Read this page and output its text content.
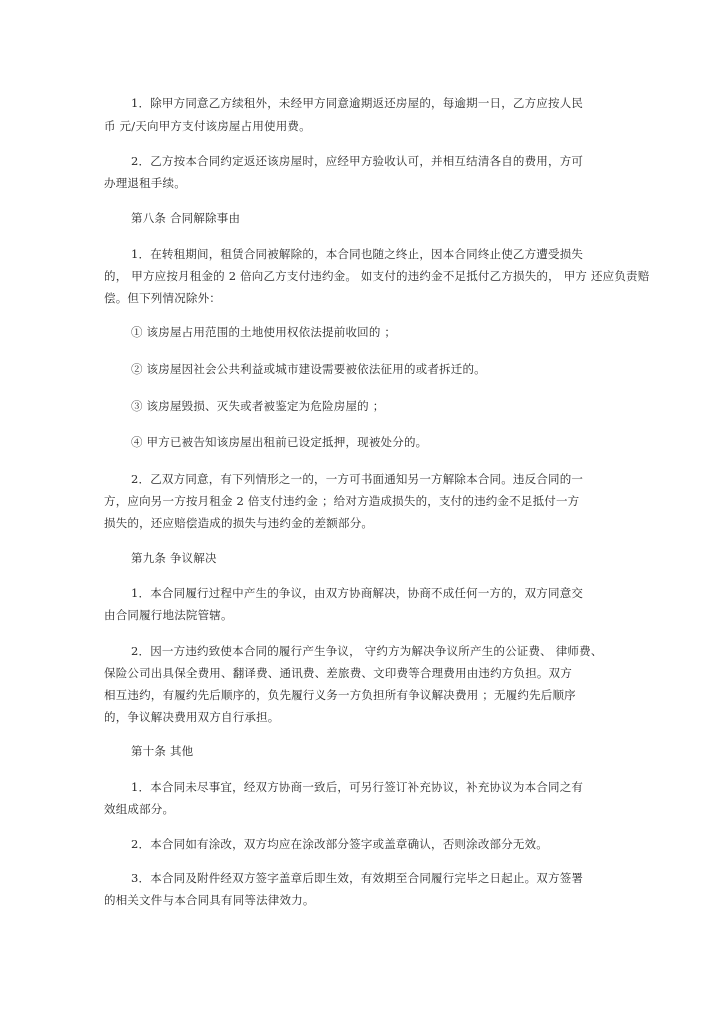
1．除甲方同意乙方续租外，未经甲方同意逾期返还房屋的，每逾期一日，乙方应按人民
币 元/天向甲方支付该房屋占用使用费。
2．乙方按本合同约定返还该房屋时，应经甲方验收认可，并相互结清各自的费用，方可
办理退租手续。
第八条 合同解除事由
1．在转租期间，租赁合同被解除的，本合同也随之终止，因本合同终止使乙方遭受损失
的， 甲方应按月租金的 2 倍向乙方支付违约金。 如支付的违约金不足抵付乙方损失的， 甲方 还应负责赔
偿。但下列情况除外：
① 该房屋占用范围的土地使用权依法提前收回的 ；
② 该房屋因社会公共利益或城市建设需要被依法征用的或者拆迁的。
③ 该房屋毁损、灭失或者被鉴定为危险房屋的 ；
④ 甲方已被告知该房屋出租前已设定抵押，现被处分的。
2．乙双方同意，有下列情形之一的，一方可书面通知另一方解除本合同。违反合同的一
方，应向另一方按月租金 2 倍支付违约金 ；给对方造成损失的，支付的违约金不足抵付一方
损失的，还应赔偿造成的损失与违约金的差额部分。
第九条 争议解决
1．本合同履行过程中产生的争议，由双方协商解决，协商不成任何一方的，双方同意交
由合同履行地法院管辖。
2．因一方违约致使本合同的履行产生争议， 守约方为解决争议所产生的公证费、 律师费、
保险公司出具保全费用、翻译费、通讯费、差旅费、文印费等合理费用由违约方负担。双方
相互违约，有履约先后顺序的，负先履行义务一方负担所有争议解决费用 ；无履约先后顺序
的，争议解决费用双方自行承担。
第十条 其他
1．本合同未尽事宜，经双方协商一致后，可另行签订补充协议，补充协议为本合同之有
效组成部分。
2．本合同如有涂改，双方均应在涂改部分签字或盖章确认，否则涂改部分无效。
3．本合同及附件经双方签字盖章后即生效，有效期至合同履行完毕之日起止。双方签署
的相关文件与本合同具有同等法律效力。
